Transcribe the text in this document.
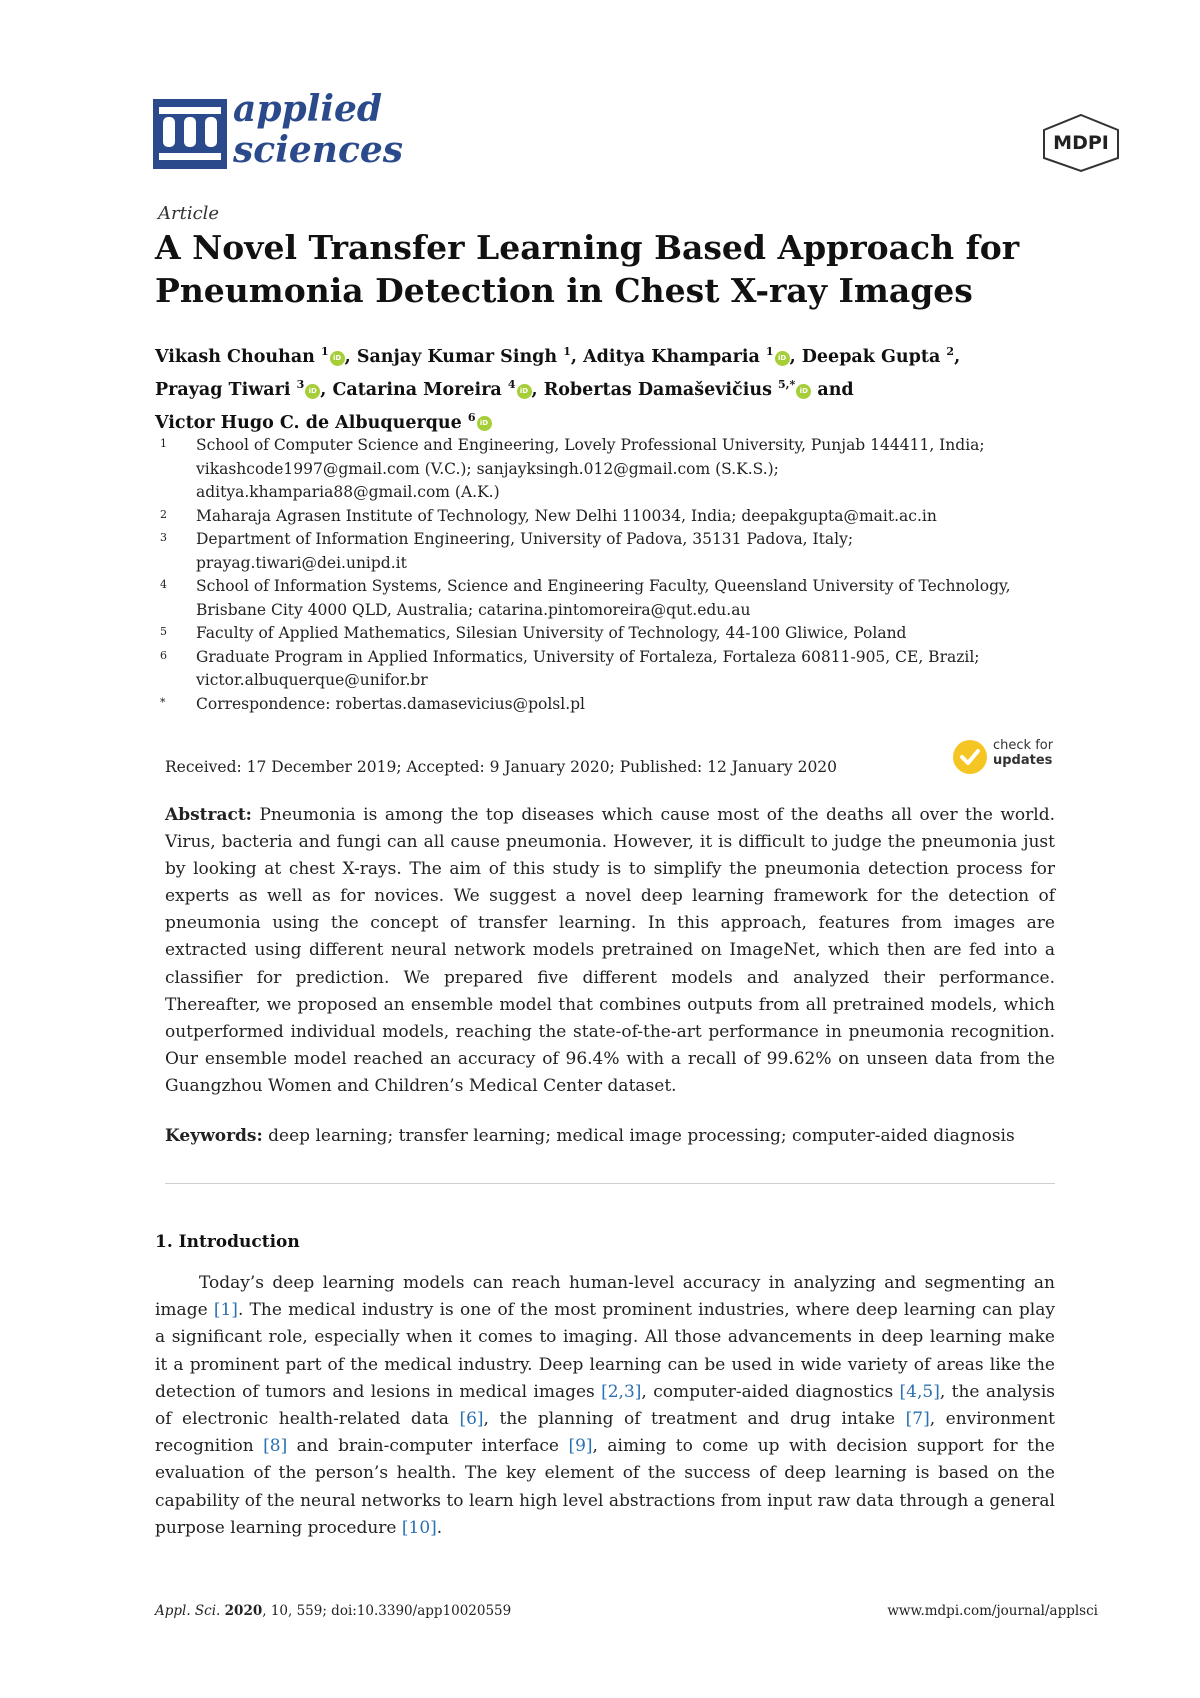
applied
sciences	MDPI
Article
A Novel Transfer Learning Based Approach for Pneumonia Detection in Chest X-ray Images
Vikash Chouhan $^1$ iD , Sanjay Kumar Singh $^1$, Aditya Khamparia $^1$ iD , Deepak Gupta $^2$,
Prayag Tiwari $^3$ iD , Catarina Moreira $^4$ iD , Robertas Damaševičius $^{5,*}$ iD and
Victor Hugo C. de Albuquerque $^6$ iD
1 School of Computer Science and Engineering, Lovely Professional University, Punjab 144411, India;
vikashcode1997@gmail.com (V.C.); sanjayksingh.012@gmail.com (S.K.S.);
aditya.khamparia88@gmail.com (A.K.)
2 Maharaja Agrasen Institute of Technology, New Delhi 110034, India; deepakgupta@mait.ac.in
3 Department of Information Engineering, University of Padova, 35131 Padova, Italy;
prayag.tiwari@dei.unipd.it
4 School of Information Systems, Science and Engineering Faculty, Queensland University of Technology,
Brisbane City 4000 QLD, Australia; catarina.pintomoreira@qut.edu.au
5 Faculty of Applied Mathematics, Silesian University of Technology, 44-100 Gliwice, Poland
6 Graduate Program in Applied Informatics, University of Fortaleza, Fortaleza 60811-905, CE, Brazil;
victor.albuquerque@unifor.br
* Correspondence: robertas.damasevicius@polsl.pl
Received: 17 December 2019; Accepted: 9 January 2020; Published: 12 January 2020
check for
updates

Abstract: Pneumonia is among the top diseases which cause most of the deaths all over the world. Virus, bacteria and fungi can all cause pneumonia. However, it is difficult to judge the pneumonia just by looking at chest X-rays. The aim of this study is to simplify the pneumonia detection process for experts as well as for novices. We suggest a novel deep learning framework for the detection of pneumonia using the concept of transfer learning. In this approach, features from images are extracted using different neural network models pretrained on ImageNet, which then are fed into a classifier for prediction. We prepared five different models and analyzed their performance. Thereafter, we proposed an ensemble model that combines outputs from all pretrained models, which outperformed individual models, reaching the state-of-the-art performance in pneumonia recognition. Our ensemble model reached an accuracy of 96.4% with a recall of 99.62% on unseen data from the Guangzhou Women and Children’s Medical Center dataset.

Keywords: deep learning; transfer learning; medical image processing; computer-aided diagnosis
1. Introduction

Today’s deep learning models can reach human-level accuracy in analyzing and segmenting an image [1]. The medical industry is one of the most prominent industries, where deep learning can play a significant role, especially when it comes to imaging. All those advancements in deep learning make it a prominent part of the medical industry. Deep learning can be used in wide variety of areas like the detection of tumors and lesions in medical images [2,3], computer-aided diagnostics [4,5], the analysis of electronic health-related data [6], the planning of treatment and drug intake [7], environment recognition [8] and brain-computer interface [9], aiming to come up with decision support for the evaluation of the person’s health. The key element of the success of deep learning is based on the capability of the neural networks to learn high level abstractions from input raw data through a general purpose learning procedure [10].

Appl. Sci. 2020, 10, 559; doi:10.3390/app10020559	www.mdpi.com/journal/applsci
